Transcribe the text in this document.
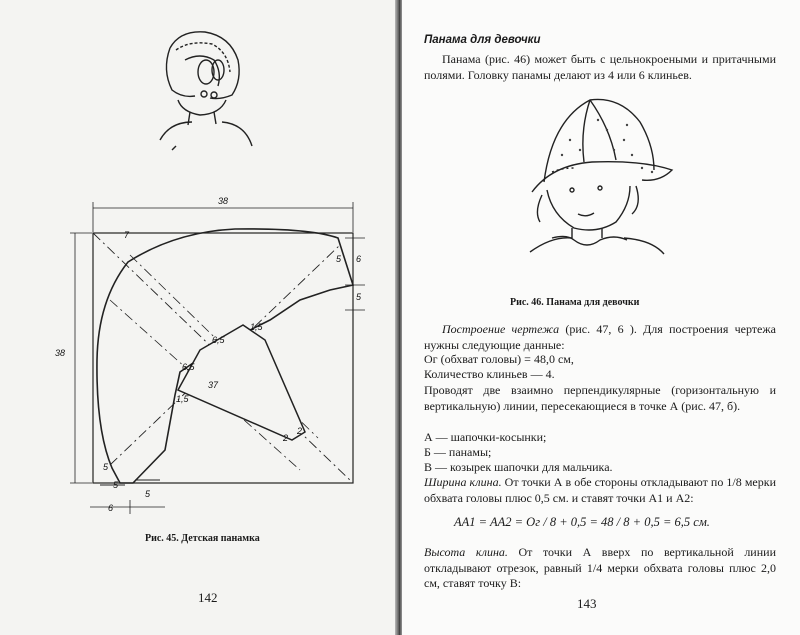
38
38
7
37
6,5
6,5
1,5
1,5
2
2
5 6
5
6
5
5
5
Рис. 45. Детская панамка
142
Панама для девочки
Панама (рис. 46) может быть с цельнокроеными и притачными полями. Головку панамы делают из 4 или 6 клиньев.
Рис. 46. Панама для девочки
Построение чертежа (рис. 47, 6 ). Для построения чертежа нужны следующие данные:
Ог (обхват головы) = 48,0 см,
Количество клиньев — 4.
Проводят две взаимно перпендикулярные (горизонтальную и вертикальную) линии, пересекающиеся в точке А (рис. 47, б).
А — шапочки-косынки;
Б — панамы;
В — козырек шапочки для мальчика.
Ширина клина. От точки А в обе стороны откладывают по 1/8 мерки обхвата головы плюс 0,5 см. и ставят точки А1 и А2:
AA1 = AA2 = Ог / 8 + 0,5 = 48 / 8 + 0,5 = 6,5 см.
Высота клина. От точки А вверх по вертикальной линии откладывают отрезок, равный 1/4 мерки обхвата головы плюс 2,0 см, ставят точку В:
143
